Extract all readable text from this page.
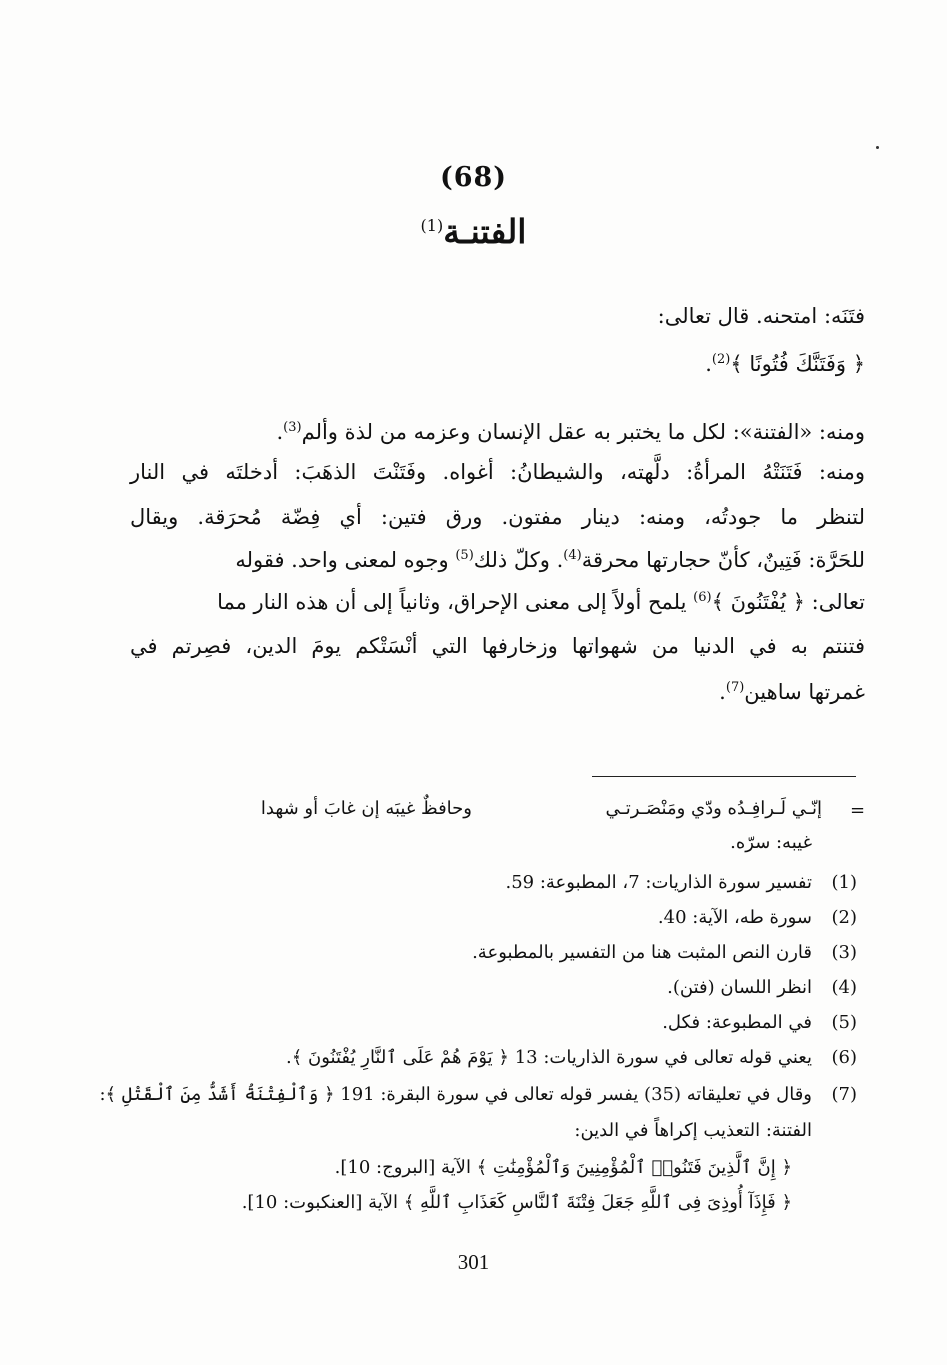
(68)
الفتنـة$^{(1)}$
فتَنَه: امتحنه. قال تعالى:
﴿ وَفَتَنَّكَ فُتُونًا ﴾$^{(2)}$.
ومنه: «الفتنة»: لكل ما يختبر به عقل الإنسان وعزمه من لذة وألم$^{(3)}$.
ومنه: فَتَنَتْهُ المرأةُ: دلَّهته، والشيطانُ: أغواه. وفَتَنْتَ الذهَبَ: أدخلتَه في النار
لتنظر ما جودتُه، ومنه: دينار مفتون. ورق فتين: أي فِضّة مُحرَقة. ويقال
للحَرَّة: فَتِينٌ، كأنّ حجارتها محرقة$^{(4)}$. وكلّ ذلك$^{(5)}$ وجوه لمعنى واحد. فقوله
تعالى: ﴿ يُفْتَنُونَ ﴾$^{(6)}$ يلمح أولاً إلى معنى الإحراق، وثانياً إلى أن هذه النار مما
فتنتم به في الدنيا من شهواتها وزخارفها التي أنْسَتْكم يومَ الدين، فصِرتم في
غمرتها ساهين$^{(7)}$.
=
إنّـي لَـرافِـدُه ودّي ومَنْصَـرتـي
وحافظٌ غيبَه إن غابَ أو شهدا
غيبه: سرّه.
(1)
تفسير سورة الذاريات: 7، المطبوعة: 59.
(2)
سورة طه، الآية: 40.
(3)
قارن النص المثبت هنا من التفسير بالمطبوعة.
(4)
انظر اللسان (فتن).
(5)
في المطبوعة: فكل.
(6)
يعني قوله تعالى في سورة الذاريات: 13 ﴿ يَوْمَ هُمْ عَلَى ٱلنَّارِ يُفْتَنُونَ ﴾.
(7)
وقال في تعليقاته (35) يفسر قوله تعالى في سورة البقرة: 191 ﴿ وَٱلْفِتْنَةُ أَشَدُّ مِنَ ٱلْقَتْلِ ﴾:
الفتنة: التعذيب إكراهاً في الدين:
﴿ إِنَّ ٱلَّذِينَ فَتَنُوا۟ ٱلْمُؤْمِنِينَ وَٱلْمُؤْمِنَٰتِ ﴾ الآية [البروج: 10].
﴿ فَإِذَآ أُوذِىَ فِى ٱللَّهِ جَعَلَ فِتْنَةَ ٱلنَّاسِ كَعَذَابِ ٱللَّهِ ﴾ الآية [العنكبوت: 10].
301
